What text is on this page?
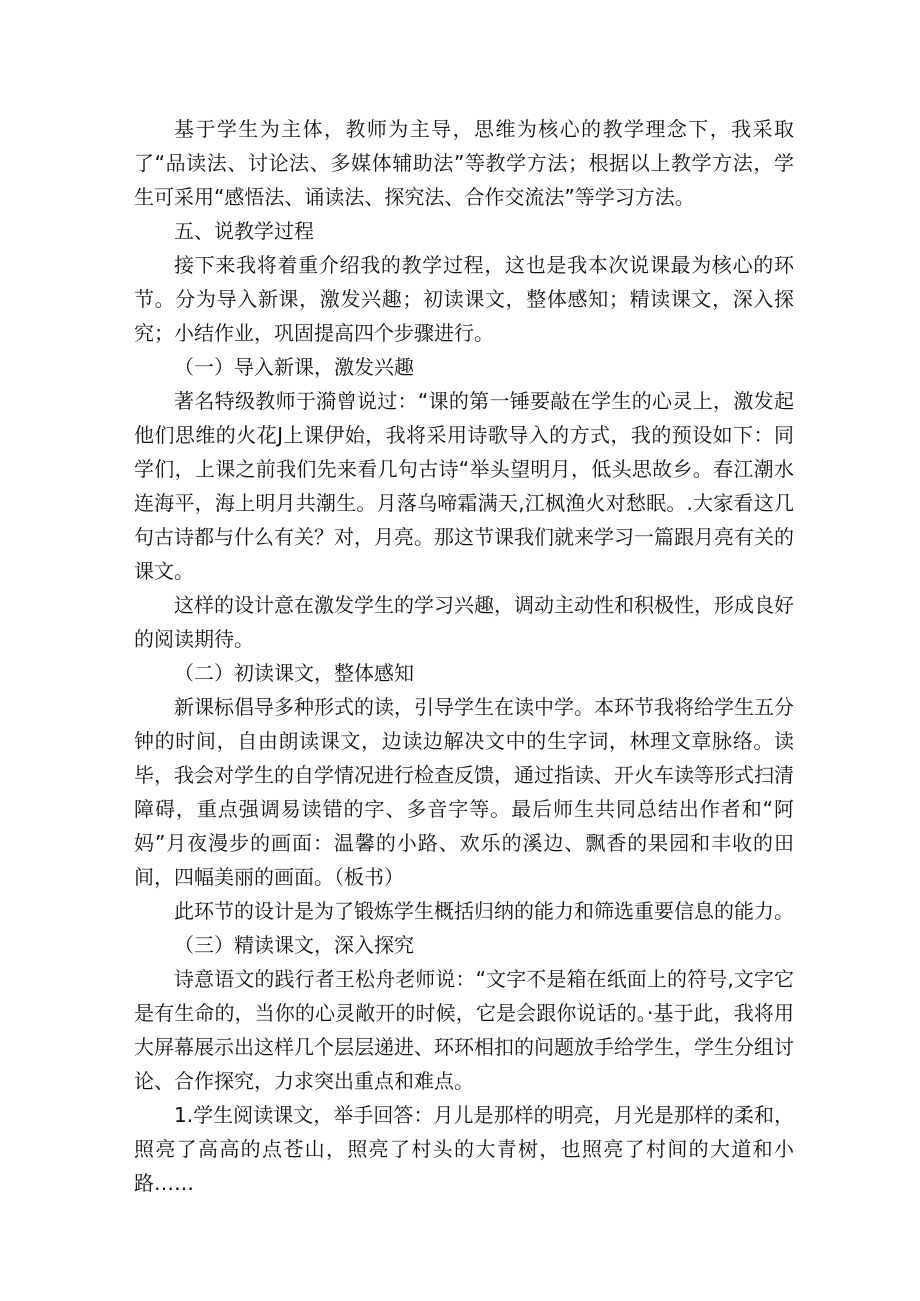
基于学生为主体，教师为主导，思维为核心的教学理念下，我采取了“品读法、讨论法、多媒体辅助法”等教学方法；根据以上教学方法，学生可采用“感悟法、诵读法、探究法、合作交流法”等学习方法。

五、说教学过程

接下来我将着重介绍我的教学过程，这也是我本次说课最为核心的环节。分为导入新课，激发兴趣；初读课文，整体感知；精读课文，深入探究；小结作业，巩固提高四个步骤进行。

（一）导入新课，激发兴趣

著名特级教师于漪曾说过：“课的第一锤要敲在学生的心灵上，激发起他们思维的火花J上课伊始，我将采用诗歌导入的方式，我的预设如下：同学们，上课之前我们先来看几句古诗“举头望明月，低头思故乡。春江潮水连海平，海上明月共潮生。月落乌啼霜满天,江枫渔火对愁眠。.大家看这几句古诗都与什么有关？对，月亮。那这节课我们就来学习一篇跟月亮有关的课文。

这样的设计意在激发学生的学习兴趣，调动主动性和积极性，形成良好的阅读期待。

（二）初读课文，整体感知

新课标倡导多种形式的读，引导学生在读中学。本环节我将给学生五分钟的时间，自由朗读课文，边读边解决文中的生字词，林理文章脉络。读毕，我会对学生的自学情况进行检查反馈，通过指读、开火车读等形式扫清障碍，重点强调易读错的字、多音字等。最后师生共同总结出作者和“阿妈”月夜漫步的画面：温馨的小路、欢乐的溪边、飘香的果园和丰收的田间，四幅美丽的画面。（板书）

此环节的设计是为了锻炼学生概括归纳的能力和筛选重要信息的能力。

（三）精读课文，深入探究

诗意语文的践行者王松舟老师说：“文字不是箱在纸面上的符号,文字它是有生命的，当你的心灵敞开的时候，它是会跟你说话的。·基于此，我将用大屏幕展示出这样几个层层递进、环环相扣的问题放手给学生，学生分组讨论、合作探究，力求突出重点和难点。

1.学生阅读课文，举手回答：月儿是那样的明亮，月光是那样的柔和，照亮了高高的点苍山，照亮了村头的大青树，也照亮了村间的大道和小路……
